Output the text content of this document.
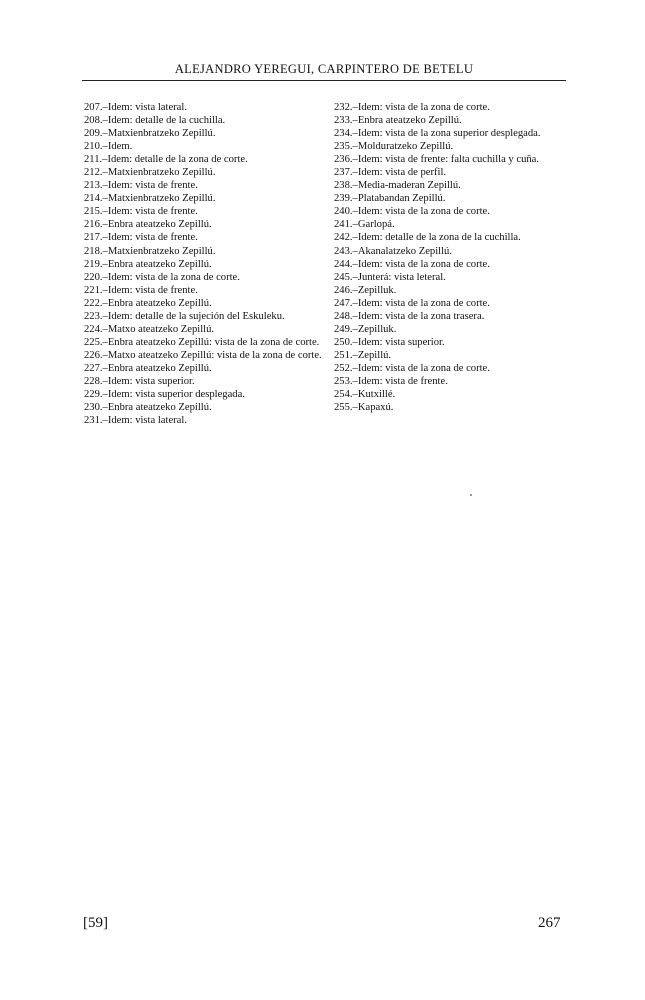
ALEJANDRO YEREGUI, CARPINTERO DE BETELU

207.–Idem: vista lateral.

208.–Idem: detalle de la cuchilla.

209.–Matxienbratzeko Zepillú.

210.–Idem.

211.–Idem: detalle de la zona de corte.

212.–Matxienbratzeko Zepillú.

213.–Idem: vista de frente.

214.–Matxienbratzeko Zepillú.

215.–Idem: vista de frente.

216.–Enbra ateatzeko Zepillú.

217.–Idem: vista de frente.

218.–Matxienbratzeko Zepillú.

219.–Enbra ateatzeko Zepillú.

220.–Idem: vista de la zona de corte.

221.–Idem: vista de frente.

222.–Enbra ateatzeko Zepillú.

223.–Idem: detalle de la sujeción del Eskuleku.

224.–Matxo ateatzeko Zepillú.

225.–Enbra ateatzeko Zepillú: vista de la zona de corte.

226.–Matxo ateatzeko Zepillú: vista de la zona de corte.

227.–Enbra ateatzeko Zepillú.

228.–Idem: vista superior.

229.–Idem: vista superior desplegada.

230.–Enbra ateatzeko Zepillú.

231.–Idem: vista lateral.

232.–Idem: vista de la zona de corte.

233.–Enbra ateatzeko Zepillú.

234.–Idem: vista de la zona superior desplegada.

235.–Molduratzeko Zepillú.

236.–Idem: vista de frente: falta cuchilla y cuña.

237.–Idem: vista de perfil.

238.–Media-maderan Zepillú.

239.–Platabandan Zepillú.

240.–Idem: vista de la zona de corte.

241.–Garlopá.

242.–Idem: detalle de la zona de la cuchilla.

243.–Akanalatzeko Zepillú.

244.–Idem: vista de la zona de corte.

245.–Junterá: vista leteral.

246.–Zepilluk.

247.–Idem: vista de la zona de corte.

248.–Idem: vista de la zona trasera.

249.–Zepilluk.

250.–Idem: vista superior.

251.–Zepillú.

252.–Idem: vista de la zona de corte.

253.–Idem: vista de frente.

254.–Kutxillé.

255.–Kapaxú.

[59]	267
